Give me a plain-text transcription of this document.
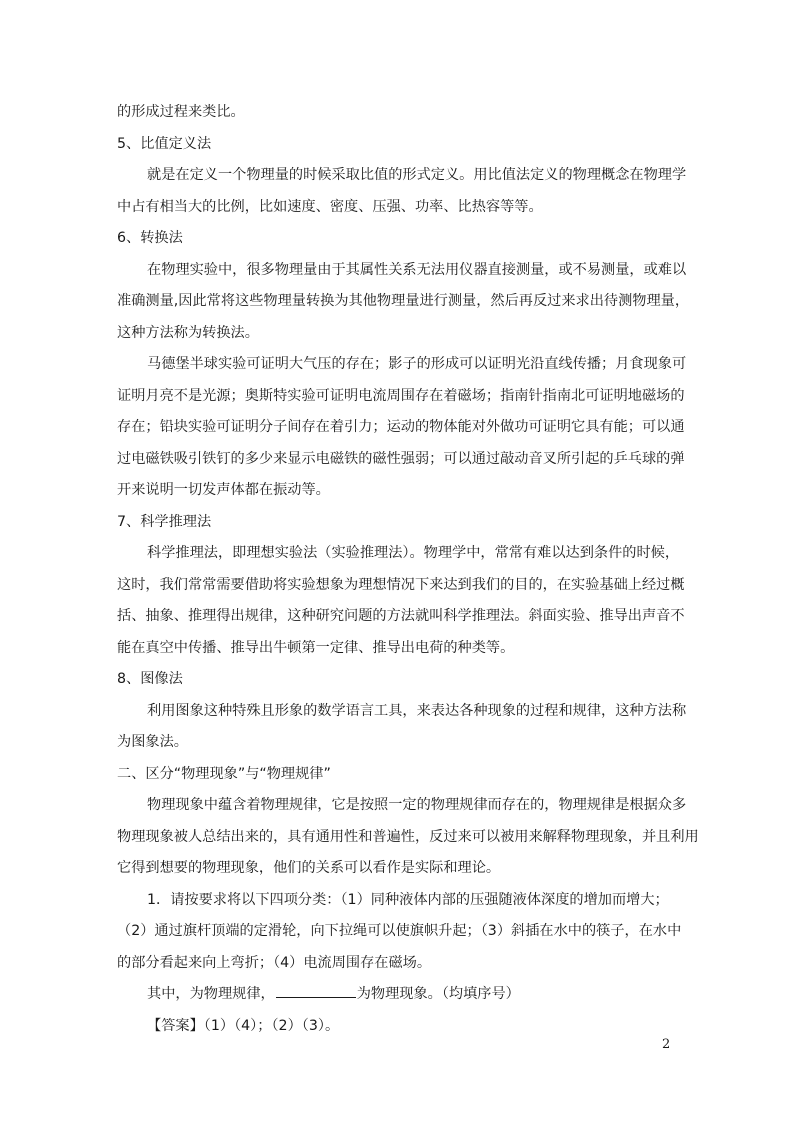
的形成过程来类比。

5、比值定义法

就是在定义一个物理量的时候采取比值的形式定义。用比值法定义的物理概念在物理学

中占有相当大的比例，比如速度、密度、压强、功率、比热容等等。

6、转换法

在物理实验中，很多物理量由于其属性关系无法用仪器直接测量，或不易测量，或难以

准确测量,因此常将这些物理量转换为其他物理量进行测量，然后再反过来求出待测物理量，

这种方法称为转换法。

马德堡半球实验可证明大气压的存在；影子的形成可以证明光沿直线传播；月食现象可

证明月亮不是光源；奥斯特实验可证明电流周围存在着磁场；指南针指南北可证明地磁场的

存在；铅块实验可证明分子间存在着引力；运动的物体能对外做功可证明它具有能；可以通

过电磁铁吸引铁钉的多少来显示电磁铁的磁性强弱；可以通过敲动音叉所引起的乒乓球的弹

开来说明一切发声体都在振动等。

7、科学推理法

科学推理法，即理想实验法（实验推理法）。物理学中，常常有难以达到条件的时候，

这时，我们常常需要借助将实验想象为理想情况下来达到我们的目的，在实验基础上经过概

括、抽象、推理得出规律，这种研究问题的方法就叫科学推理法。斜面实验、推导出声音不

能在真空中传播、推导出牛顿第一定律、推导出电荷的种类等。

8、图像法

利用图象这种特殊且形象的数学语言工具，来表达各种现象的过程和规律，这种方法称

为图象法。

二、区分“物理现象”与“物理规律”

物理现象中蕴含着物理规律，它是按照一定的物理规律而存在的，物理规律是根据众多

物理现象被人总结出来的，具有通用性和普遍性，反过来可以被用来解释物理现象，并且利用

它得到想要的物理现象，他们的关系可以看作是实际和理论。

1．请按要求将以下四项分类：（1）同种液体内部的压强随液体深度的增加而增大；

（2）通过旗杆顶端的定滑轮，向下拉绳可以使旗帜升起；（3）斜插在水中的筷子，在水中

的部分看起来向上弯折；（4）电流周围存在磁场。

其中，为物理规律，	为物理现象。（均填序号）

【答案】（1）（4）；（2）（3）。

2
